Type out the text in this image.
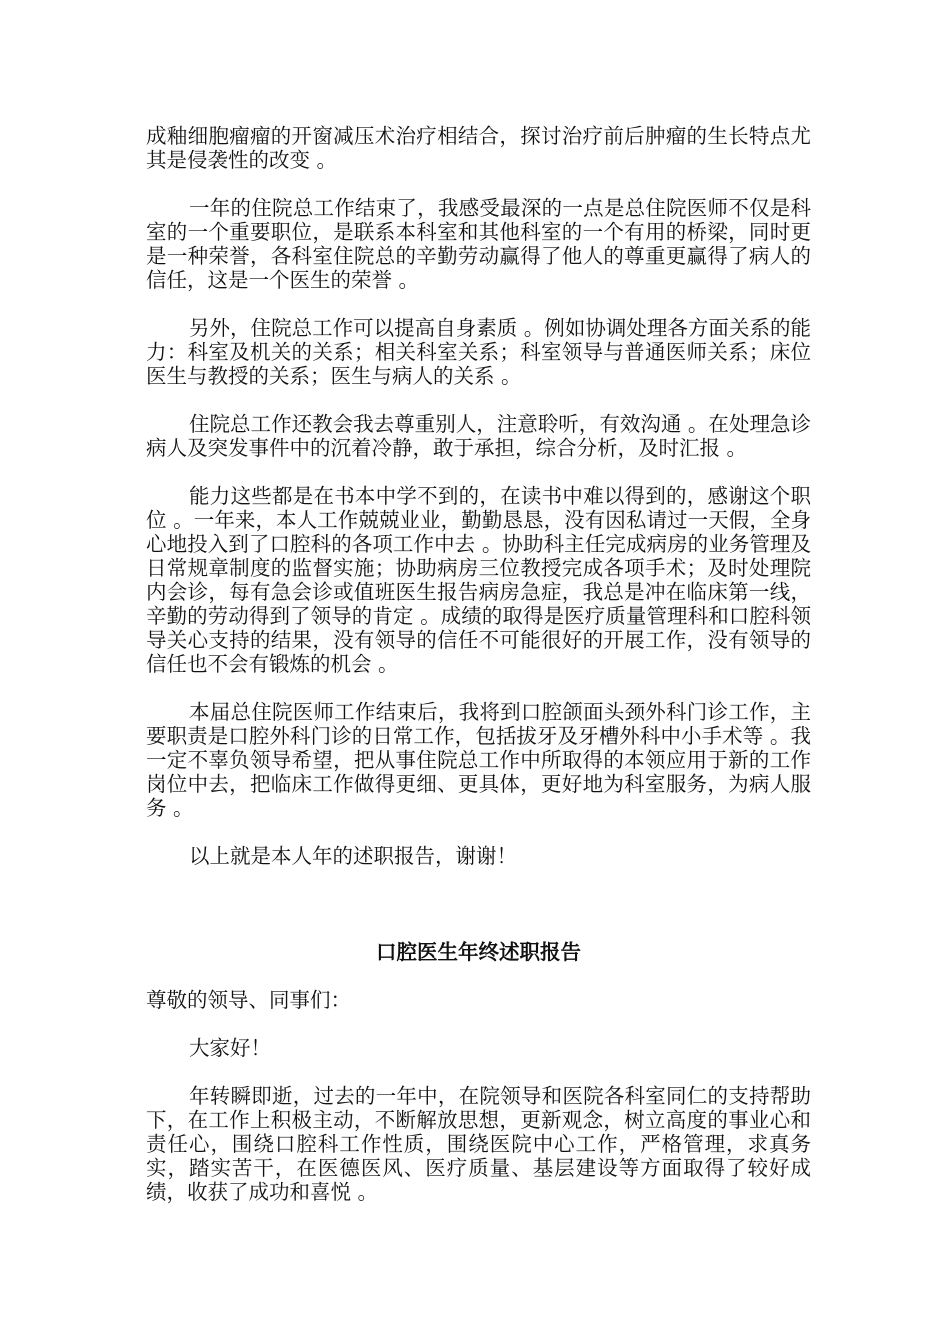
成釉细胞瘤瘤的开窗减压术治疗相结合，探讨治疗前后肿瘤的生长特点尤其是侵袭性的改变 。

一年的住院总工作结束了，我感受最深的一点是总住院医师不仅是科室的一个重要职位，是联系本科室和其他科室的一个有用的桥梁，同时更是一种荣誉，各科室住院总的辛勤劳动赢得了他人的尊重更赢得了病人的信任，这是一个医生的荣誉 。

另外，住院总工作可以提高自身素质 。例如协调处理各方面关系的能力：科室及机关的关系；相关科室关系；科室领导与普通医师关系；床位医生与教授的关系；医生与病人的关系 。

住院总工作还教会我去尊重别人，注意聆听，有效沟通 。在处理急诊病人及突发事件中的沉着冷静，敢于承担，综合分析，及时汇报 。

能力这些都是在书本中学不到的，在读书中难以得到的，感谢这个职位 。一年来，本人工作兢兢业业，勤勤恳恳，没有因私请过一天假，全身心地投入到了口腔科的各项工作中去 。协助科主任完成病房的业务管理及日常规章制度的监督实施；协助病房三位教授完成各项手术；及时处理院内会诊，每有急会诊或值班医生报告病房急症，我总是冲在临床第一线，辛勤的劳动得到了领导的肯定 。成绩的取得是医疗质量管理科和口腔科领导关心支持的结果，没有领导的信任不可能很好的开展工作，没有领导的信任也不会有锻炼的机会 。

本届总住院医师工作结束后，我将到口腔颌面头颈外科门诊工作，主要职责是口腔外科门诊的日常工作，包括拔牙及牙槽外科中小手术等 。我一定不辜负领导希望，把从事住院总工作中所取得的本领应用于新的工作岗位中去，把临床工作做得更细、更具体，更好地为科室服务，为病人服务 。

以上就是本人年的述职报告，谢谢！

口腔医生年终述职报告

尊敬的领导、同事们：

大家好！

年转瞬即逝，过去的一年中，在院领导和医院各科室同仁的支持帮助下，在工作上积极主动，不断解放思想，更新观念，树立高度的事业心和责任心，围绕口腔科工作性质，围绕医院中心工作，严格管理，求真务实，踏实苦干，在医德医风、医疗质量、基层建设等方面取得了较好成绩，收获了成功和喜悦 。
